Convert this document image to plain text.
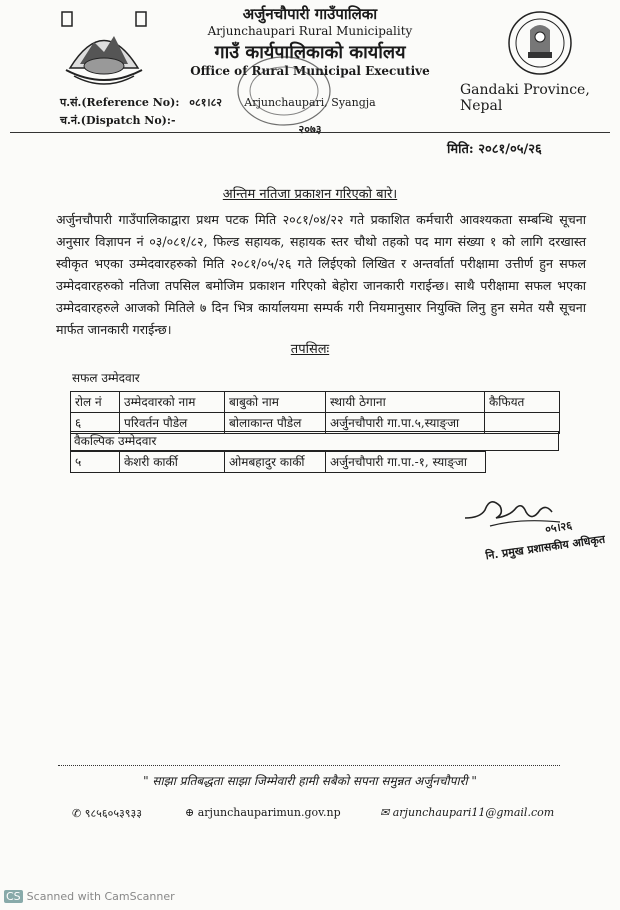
अर्जुनचौपारी गाउँपालिका
Arjunchaupari Rural Municipality
गाउँ कार्यपालिकाको कार्यालय
Office of Rural Municipal Executive
Arjunchaupari, Syangja
२०७३
Gandaki Province, Nepal
प.सं.(Reference No): ०८१।८२
च.नं.(Dispatch No):-
मिति: २०८१/०५/२६
अन्तिम नतिजा प्रकाशन गरिएको बारे।
अर्जुनचौपारी गाउँपालिकाद्वारा प्रथम पटक मिति २०८१/०४/२२ गते प्रकाशित कर्मचारी आवश्यकता सम्बन्धि सूचना अनुसार विज्ञापन नं ०३/०८१/८२, फिल्ड सहायक, सहायक स्तर चौथो तहको पद माग संख्या १ को लागि दरखास्त स्वीकृत भएका उम्मेदवारहरुको मिति २०८१/०५/२६ गते लिईएको लिखित र अन्तर्वार्ता परीक्षामा उत्तीर्ण हुन सफल उम्मेदवारहरुको नतिजा तपसिल बमोजिम प्रकाशन गरिएको बेहोरा जानकारी गराईन्छ। साथै परीक्षामा सफल भएका उम्मेदवारहरुले आजको मितिले ७ दिन भित्र कार्यालयमा सम्पर्क गरी नियमानुसार नियुक्ति लिनु हुन समेत यसै सूचना मार्फत जानकारी गराईन्छ।
तपसिलः
सफल उम्मेदवार
रोल नं	उम्मेदवारको नाम	बाबुको नाम	स्थायी ठेगाना	कैफियत
६	परिवर्तन पौडेल	बोलाकान्त पौडेल	अर्जुनचौपारी गा.पा.५,स्याङ्जा	
वैकल्पिक उम्मेदवार
५	केशरी कार्की	ओमबहादुर कार्की	अर्जुनचौपारी गा.पा.-१, स्याङ्जा
०५।२६
नि. प्रमुख प्रशासकीय अधिकृत
" साझा प्रतिबद्धता साझा जिम्मेवारी हामी सबैको सपना समुन्नत अर्जुनचौपारी "
✆ ९८५६०५३९३३	⊕ arjunchauparimun.gov.np	✉ arjunchaupari11@gmail.com
CS Scanned with CamScanner
